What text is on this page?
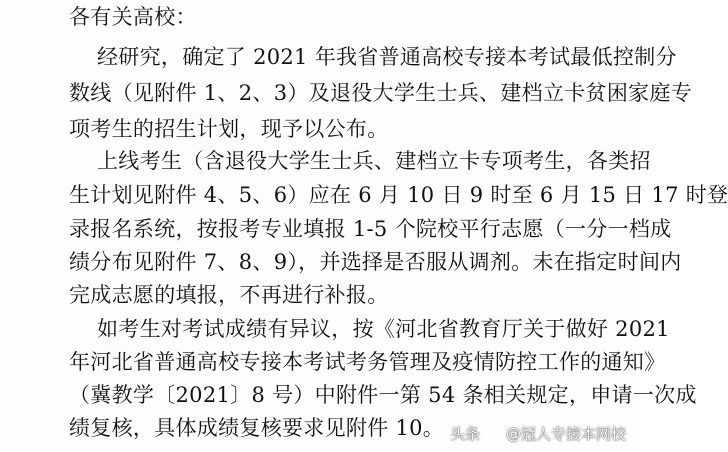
各有关高校：
经研究，确定了 2021 年我省普通高校专接本考试最低控制分
数线（见附件 1、2、3）及退役大学生士兵、建档立卡贫困家庭专
项考生的招生计划，现予以公布。
上线考生（含退役大学生士兵、建档立卡专项考生，各类招
生计划见附件 4、5、6）应在 6 月 10 日 9 时至 6 月 15 日 17 时登
录报名系统，按报考专业填报 1-5 个院校平行志愿（一分一档成
绩分布见附件 7、8、9），并选择是否服从调剂。未在指定时间内
完成志愿的填报，不再进行补报。
如考生对考试成绩有异议，按《河北省教育厅关于做好 2021
年河北省普通高校专接本考试考务管理及疫情防控工作的通知》
（冀教学〔2021〕8 号）中附件一第 54 条相关规定，申请一次成
绩复核，具体成绩复核要求见附件 10。 头条 @冠人专接本网校
